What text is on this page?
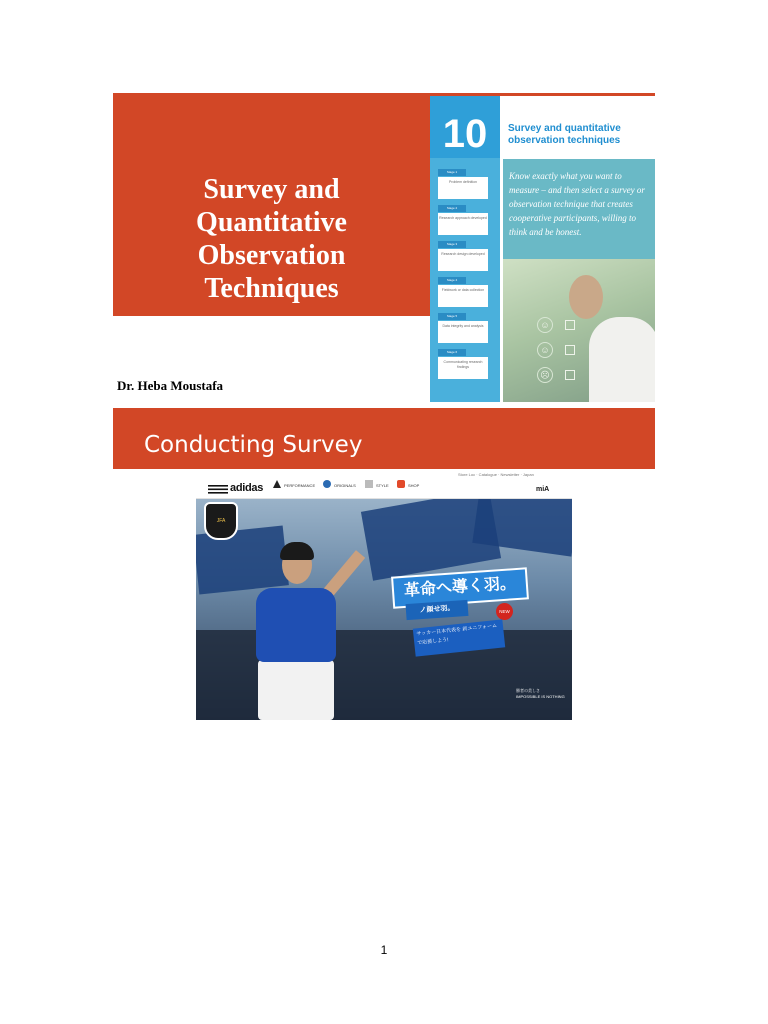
Survey and
Quantitative
Observation
Techniques
Dr. Heba Moustafa
10	Survey and quantitative observation techniques
Stage 1
Problem definition
Stage 2
Research approach developed
Stage 3
Research design developed
Stage 4
Fieldwork or data collection
Stage 5
Data integrity and analysis
Stage 6
Communicating research findings
Know exactly what you want to measure – and then select a survey or observation technique that creates cooperative participants, willing to think and be honest.
☺
☺
☹
Conducting Survey
JFA
革命へ導く羽。
ノ顔せ羽。	NEW
サッカー日本代表を 新ユニフォームで応援しよう!
勝者の美しさ
IMPOSSIBLE IS NOTHING
Store Loc · Catalogue · Newsletter · Japan
adidas	PERFORMANCE	ORIGINALS	STYLE	SHOP
miA
1
